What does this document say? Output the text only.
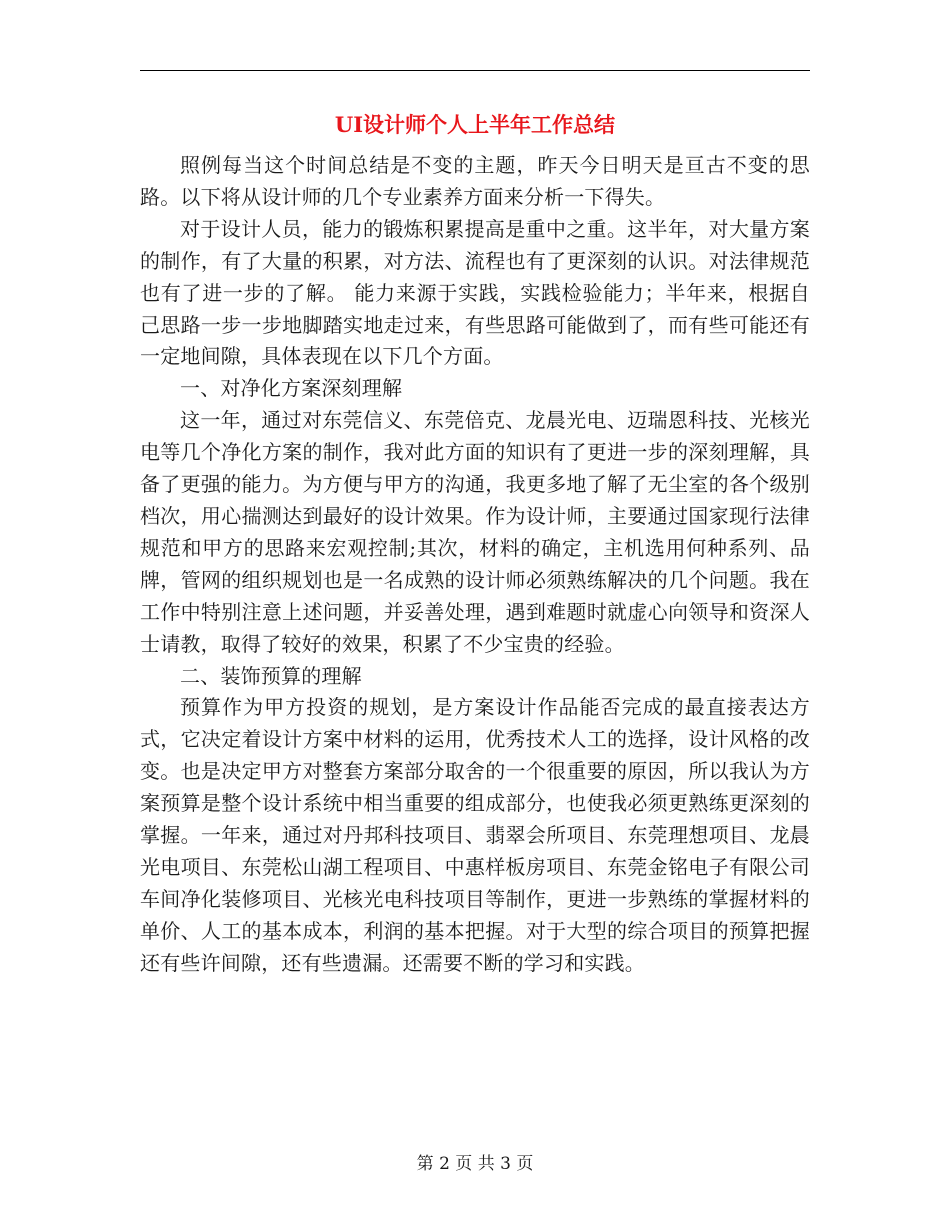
UI设计师个人上半年工作总结

照例每当这个时间总结是不变的主题，昨天今日明天是亘古不变的思路。以下将从设计师的几个专业素养方面来分析一下得失。

对于设计人员，能力的锻炼积累提高是重中之重。这半年，对大量方案的制作，有了大量的积累，对方法、流程也有了更深刻的认识。对法律规范也有了进一步的了解。 能力来源于实践，实践检验能力；半年来，根据自己思路一步一步地脚踏实地走过来，有些思路可能做到了，而有些可能还有一定地间隙，具体表现在以下几个方面。

一、对净化方案深刻理解

这一年，通过对东莞信义、东莞倍克、龙晨光电、迈瑞恩科技、光核光电等几个净化方案的制作，我对此方面的知识有了更进一步的深刻理解，具备了更强的能力。为方便与甲方的沟通，我更多地了解了无尘室的各个级别档次，用心揣测达到最好的设计效果。作为设计师，主要通过国家现行法律规范和甲方的思路来宏观控制;其次，材料的确定，主机选用何种系列、品牌，管网的组织规划也是一名成熟的设计师必须熟练解决的几个问题。我在工作中特别注意上述问题，并妥善处理，遇到难题时就虚心向领导和资深人士请教，取得了较好的效果，积累了不少宝贵的经验。

二、装饰预算的理解

预算作为甲方投资的规划，是方案设计作品能否完成的最直接表达方式，它决定着设计方案中材料的运用，优秀技术人工的选择，设计风格的改变。也是决定甲方对整套方案部分取舍的一个很重要的原因，所以我认为方案预算是整个设计系统中相当重要的组成部分，也使我必须更熟练更深刻的掌握。一年来，通过对丹邦科技项目、翡翠会所项目、东莞理想项目、龙晨光电项目、东莞松山湖工程项目、中惠样板房项目、东莞金铭电子有限公司车间净化装修项目、光核光电科技项目等制作，更进一步熟练的掌握材料的单价、人工的基本成本，利润的基本把握。对于大型的综合项目的预算把握还有些许间隙，还有些遗漏。还需要不断的学习和实践。

第 2 页 共 3 页
